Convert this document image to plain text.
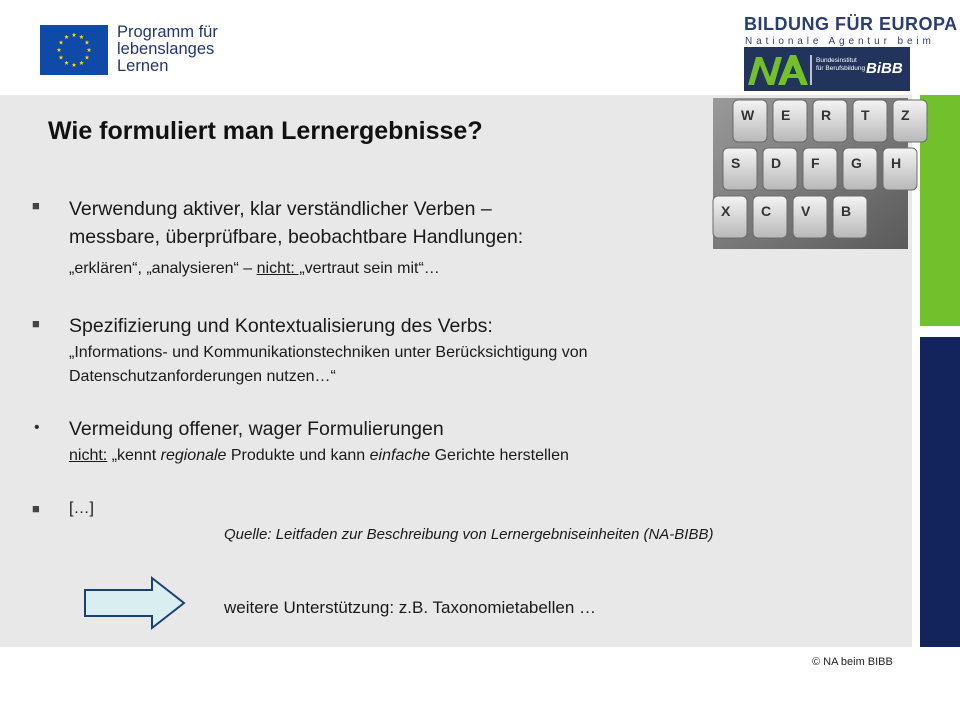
Programm für
lebenslanges
Lernen
BILDUNG FÜR EUROPA
Nationale Agentur beim
Bundesinstitut
für Berufsbildung BiBB
W E R T Z
S D F G H
X C V B
Wie formuliert man Lernergebnisse?
■ Verwendung aktiver, klar verständlicher Verben –
messbare, überprüfbare, beobachtbare Handlungen:
„erklären“, „analysieren“ – nicht: „vertraut sein mit“…
■ Spezifizierung und Kontextualisierung des Verbs:
„Informations- und Kommunikationstechniken unter Berücksichtigung von
Datenschutzanforderungen nutzen…“
• Vermeidung offener, wager Formulierungen
nicht: „kennt regionale Produkte und kann einfache Gerichte herstellen
■ […]
Quelle: Leitfaden zur Beschreibung von Lernergebniseinheiten (NA-BIBB)
weitere Unterstützung: z.B. Taxonomietabellen …
© NA beim BIBB
